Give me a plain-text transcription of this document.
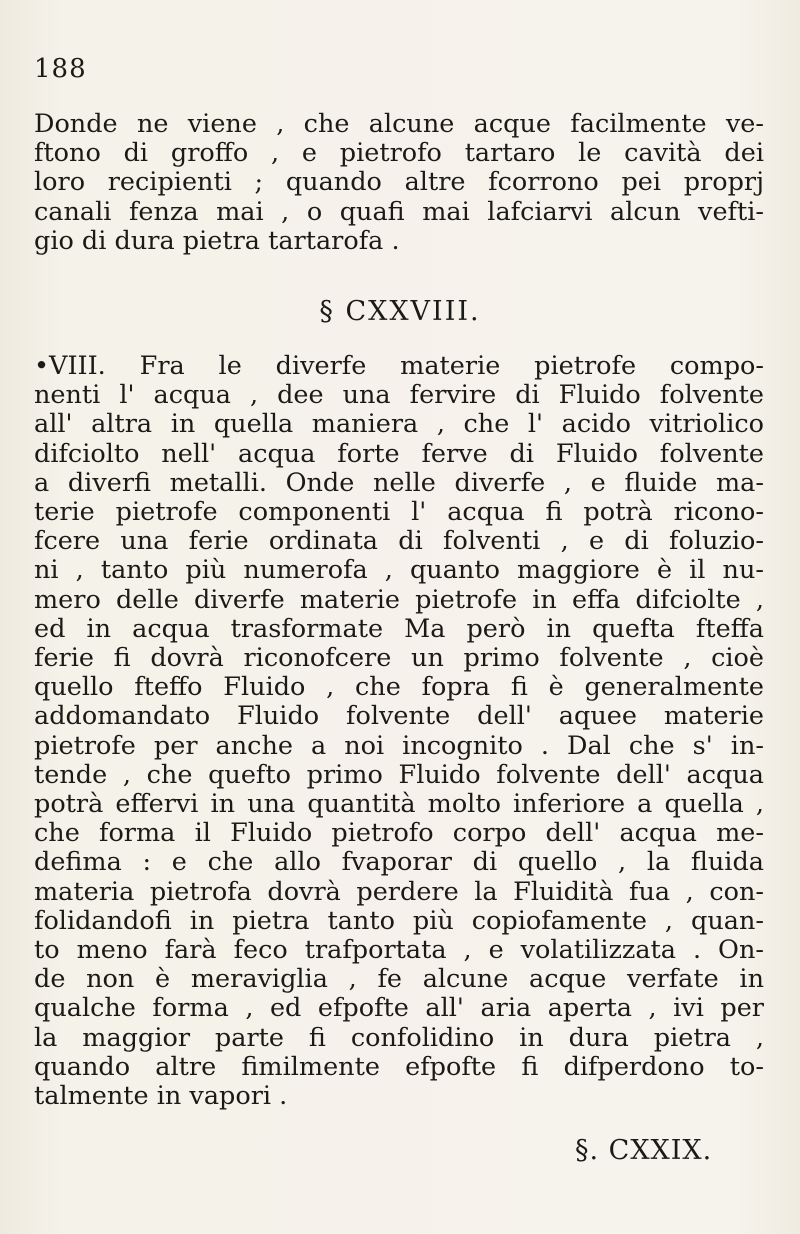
188
Donde ne viene , che alcune acque facilmente ve-
ftono di groffo , e pietrofo tartaro le cavità dei
loro recipienti ; quando altre fcorrono pei proprj
canali fenza mai , o quafi mai lafciarvi alcun vefti-
gio di dura pietra tartarofa .
§ CXXVIII.
•VIII. Fra le diverfe materie pietrofe compo-
nenti l' acqua , dee una fervire di Fluido folvente
all' altra in quella maniera , che l' acido vitriolico
difciolto nell' acqua forte ferve di Fluido folvente
a diverfi metalli. Onde nelle diverfe , e fluide ma-
terie pietrofe componenti l' acqua fi potrà ricono-
fcere una ferie ordinata di folventi , e di foluzio-
ni , tanto più numerofa , quanto maggiore è il nu-
mero delle diverfe materie pietrofe in effa difciolte ,
ed in acqua trasformate Ma però in quefta fteffa
ferie fi dovrà riconofcere un primo folvente , cioè
quello fteffo Fluido , che fopra fi è generalmente
addomandato Fluido folvente dell' aquee materie
pietrofe per anche a noi incognito . Dal che s' in-
tende , che quefto primo Fluido folvente dell' acqua
potrà effervi in una quantità molto inferiore a quella ,
che forma il Fluido pietrofo corpo dell' acqua me-
defima : e che allo fvaporar di quello , la fluida
materia pietrofa dovrà perdere la Fluidità fua , con-
folidandofi in pietra tanto più copiofamente , quan-
to meno farà feco trafportata , e volatilizzata . On-
de non è meraviglia , fe alcune acque verfate in
qualche forma , ed efpofte all' aria aperta , ivi per
la maggior parte fi confolidino in dura pietra ,
quando altre fimilmente efpofte fi difperdono to-
talmente in vapori .
§. CXXIX.
